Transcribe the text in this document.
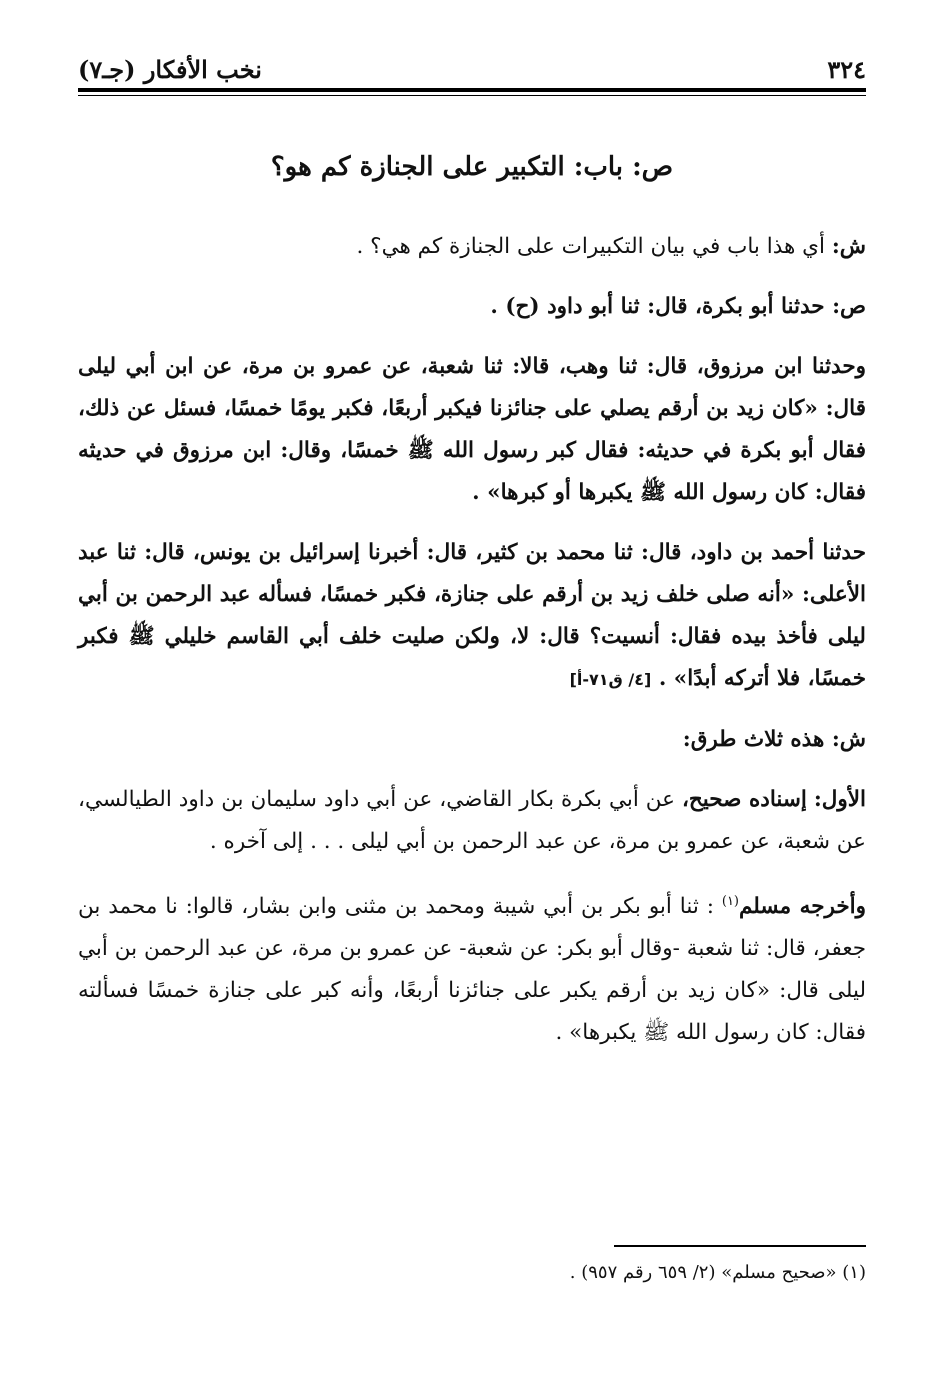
٣٢٤
نخب الأفكار (جـ٧)
ص: باب: التكبير على الجنازة كم هو؟

ش: أي هذا باب في بيان التكبيرات على الجنازة كم هي؟ .

ص: حدثنا أبو بكرة، قال: ثنا أبو داود (ح) .

وحدثنا ابن مرزوق، قال: ثنا وهب، قالا: ثنا شعبة، عن عمرو بن مرة، عن ابن أبي ليلى قال: «كان زيد بن أرقم يصلي على جنائزنا فيكبر أربعًا، فكبر يومًا خمسًا، فسئل عن ذلك، فقال أبو بكرة في حديثه: فقال كبر رسول الله ﷺ خمسًا، وقال: ابن مرزوق في حديثه فقال: كان رسول الله ﷺ يكبرها أو كبرها» .

حدثنا أحمد بن داود، قال: ثنا محمد بن كثير، قال: أخبرنا إسرائيل بن يونس، قال: ثنا عبد الأعلى: «أنه صلى خلف زيد بن أرقم على جنازة، فكبر خمسًا، فسأله عبد الرحمن بن أبي ليلى فأخذ بيده فقال: أنسيت؟ قال: لا، ولكن صليت خلف أبي القاسم خليلي ﷺ فكبر خمسًا، فلا أتركه أبدًا» . [٤/ ق٧١-أ]

ش: هذه ثلاث طرق:

الأول: إسناده صحيح، عن أبي بكرة بكار القاضي، عن أبي داود سليمان بن داود الطيالسي، عن شعبة، عن عمرو بن مرة، عن عبد الرحمن بن أبي ليلى . . . إلى آخره .

وأخرجه مسلم$^{(١)}$ : ثنا أبو بكر بن أبي شيبة ومحمد بن مثنى وابن بشار، قالوا: نا محمد بن جعفر، قال: ثنا شعبة -وقال أبو بكر: عن شعبة- عن عمرو بن مرة، عن عبد الرحمن بن أبي ليلى قال: «كان زيد بن أرقم يكبر على جنائزنا أربعًا، وأنه كبر على جنازة خمسًا فسألته فقال: كان رسول الله ﷺ يكبرها» .

(١) «صحيح مسلم» (٢/ ٦٥٩ رقم ٩٥٧) .
